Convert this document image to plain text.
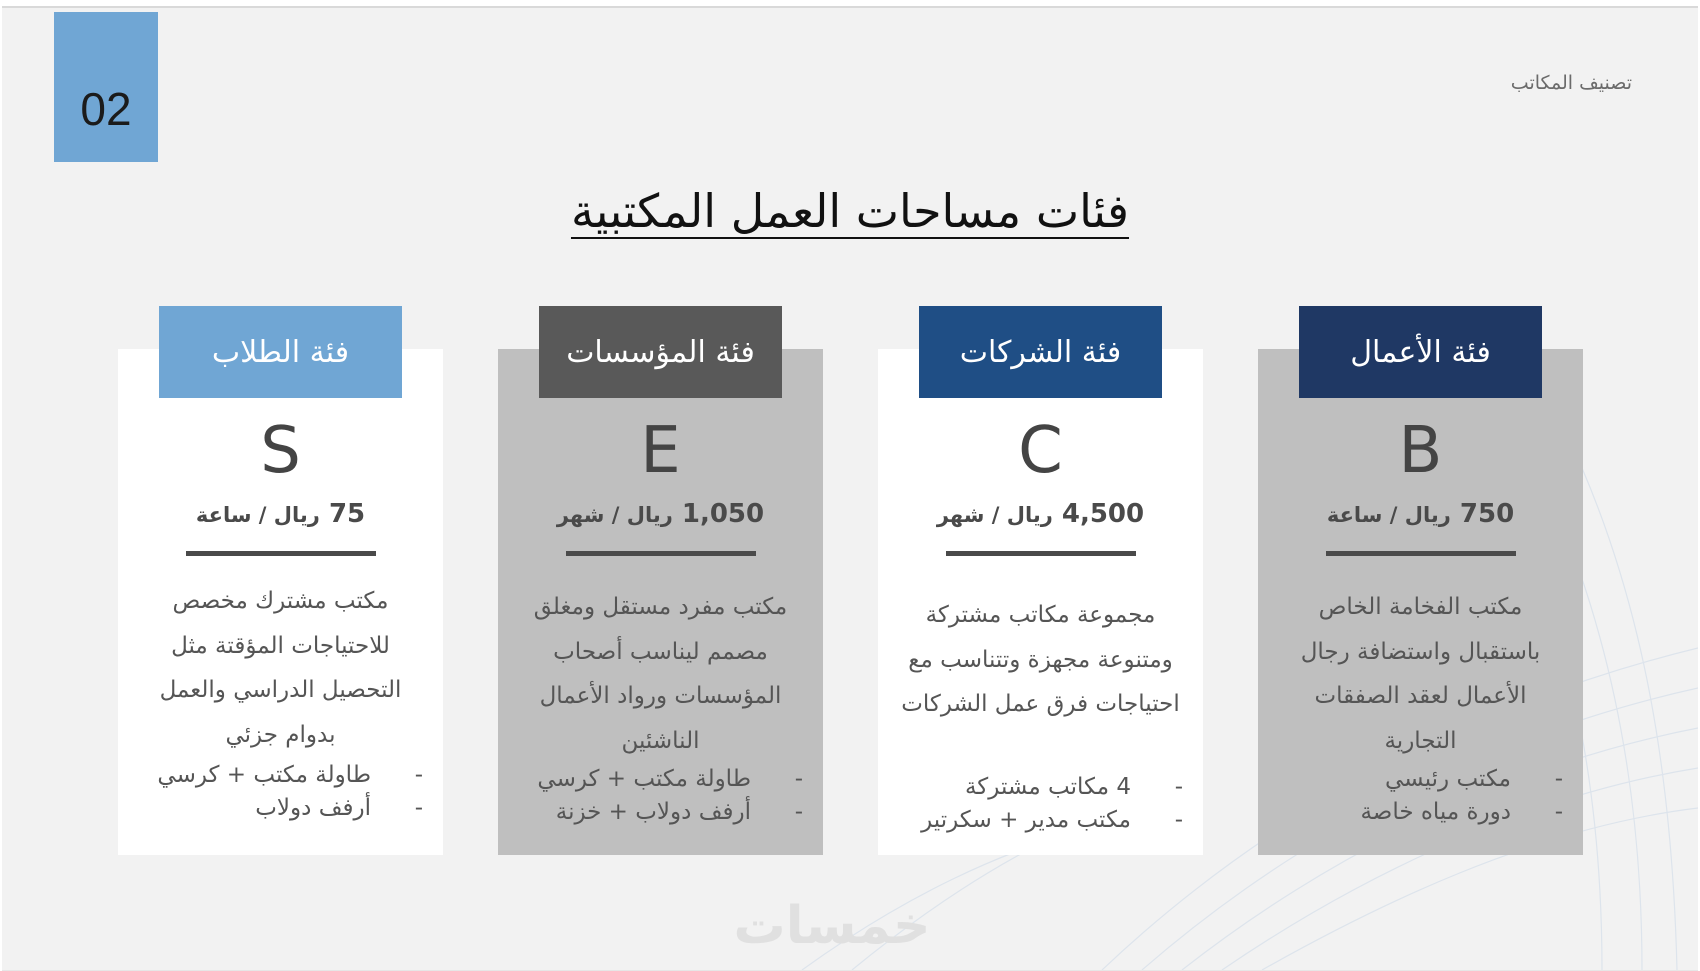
02	تصنيف المكاتب
فئات مساحات العمل المكتبية
فئة الأعمال
B
750 ريال / ساعة
مكتب الفخامة الخاص باستقبال واستضافة رجال الأعمال لعقد الصفقات التجارية
-
مكتب رئيسي
-
دورة مياه خاصة
فئة الشركات
C
4,500 ريال / شهر
مجموعة مكاتب مشتركة ومتنوعة مجهزة وتتناسب مع احتياجات فرق عمل الشركات
-
4 مكاتب مشتركة
-
مكتب مدير + سكرتير
فئة المؤسسات
E
1,050 ريال / شهر
مكتب مفرد مستقل ومغلق مصمم ليناسب أصحاب المؤسسات ورواد الأعمال الناشئين
-
طاولة مكتب + كرسي
-
أرفف دولاب + خزنة
فئة الطلاب
S
75 ريال / ساعة
مكتب مشترك مخصص للاحتياجات المؤقتة مثل التحصيل الدراسي والعمل بدوام جزئي
-
طاولة مكتب + كرسي
-
أرفف دولاب
خمسات
